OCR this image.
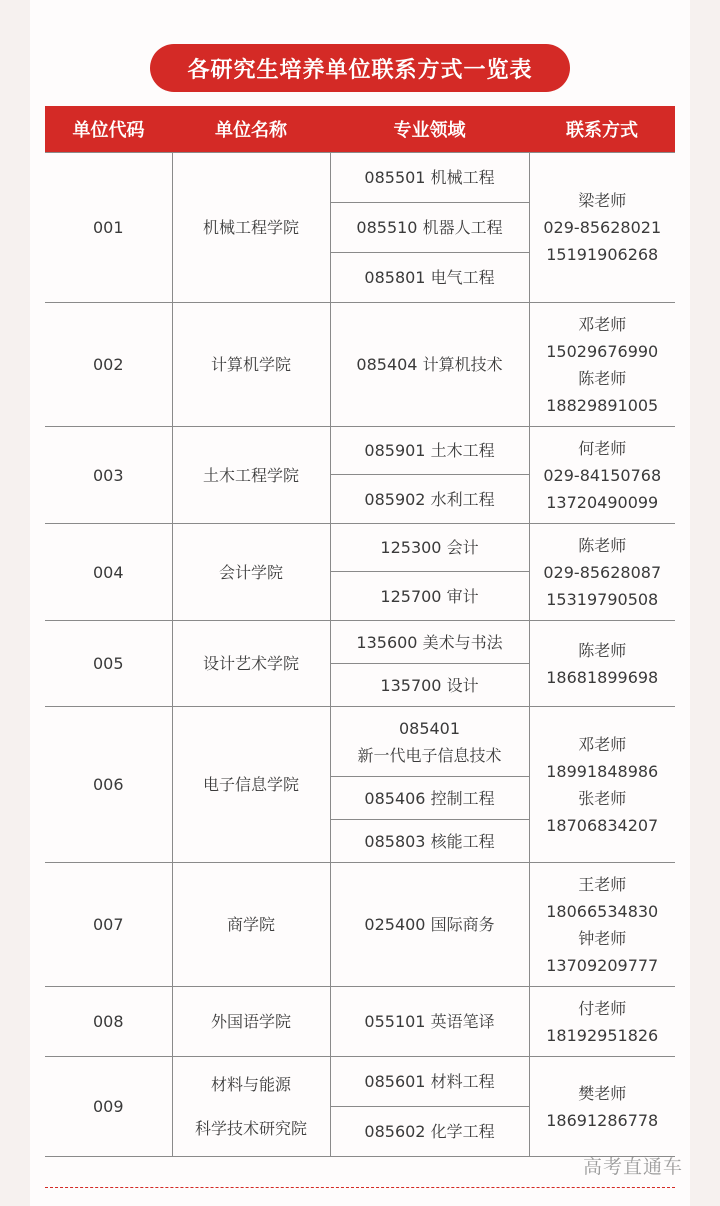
各研究生培养单位联系方式一览表
单位代码	单位名称	专业领域	联系方式
001	机械工程学院	085501 机械工程	梁老师
029-85628021
15191906268

		085510 机器人工程	

		085801 电气工程	

002	计算机学院	085404 计算机技术	邓老师
15029676990
陈老师
18829891005

003	土木工程学院	085901 土木工程	何老师
029-84150768
13720490099

		085902 水利工程	

004	会计学院	125300 会计	陈老师
029-85628087
15319790508

		125700 审计	

005	设计艺术学院	135600 美术与书法	陈老师
18681899698

		135700 设计	

006	电子信息学院	085401
新一代电子信息技术	邓老师
18991848986
张老师
18706834207

		085406 控制工程	

		085803 核能工程	

007	商学院	025400 国际商务	王老师
18066534830
钟老师
13709209777

008	外国语学院	055101 英语笔译	付老师
18192951826

009	材料与能源
科学技术研究院	085601 材料工程	樊老师
18691286778

		085602 化学工程	
高考直通车
